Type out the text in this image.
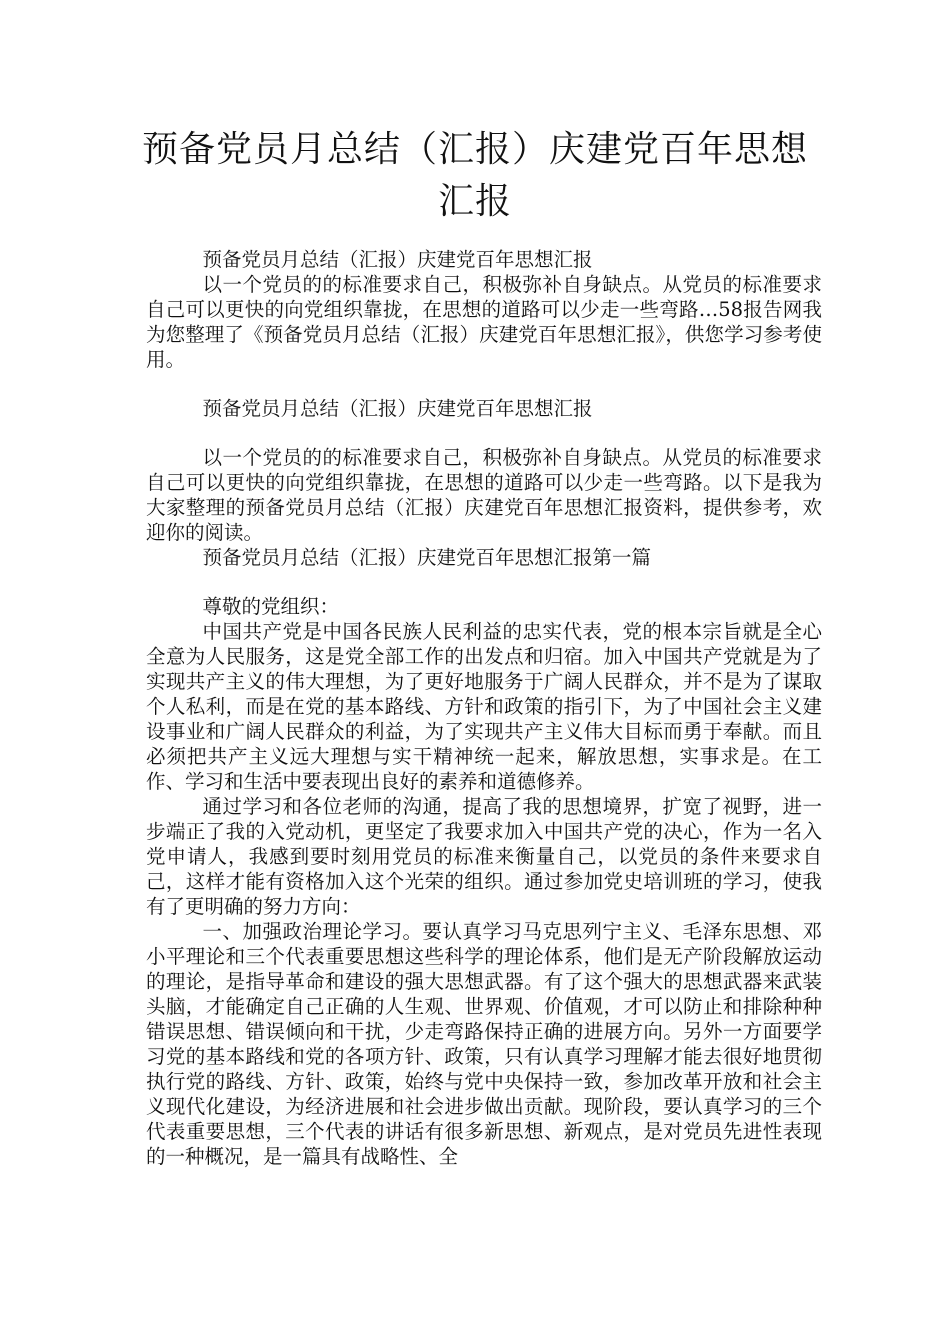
预备党员月总结（汇报）庆建党百年思想
汇报

预备党员月总结（汇报）庆建党百年思想汇报

以一个党员的的标准要求自己，积极弥补自身缺点。从党员的标准要求自己可以更快的向党组织靠拢，在思想的道路可以少走一些弯路…58报告网我为您整理了《预备党员月总结（汇报）庆建党百年思想汇报》，供您学习参考使用。

预备党员月总结（汇报）庆建党百年思想汇报

以一个党员的的标准要求自己，积极弥补自身缺点。从党员的标准要求自己可以更快的向党组织靠拢，在思想的道路可以少走一些弯路。以下是我为大家整理的预备党员月总结（汇报）庆建党百年思想汇报资料，提供参考，欢迎你的阅读。

预备党员月总结（汇报）庆建党百年思想汇报第一篇

尊敬的党组织：

中国共产党是中国各民族人民利益的忠实代表，党的根本宗旨就是全心全意为人民服务，这是党全部工作的出发点和归宿。加入中国共产党就是为了实现共产主义的伟大理想，为了更好地服务于广阔人民群众，并不是为了谋取个人私利，而是在党的基本路线、方针和政策的指引下，为了中国社会主义建设事业和广阔人民群众的利益，为了实现共产主义伟大目标而勇于奉献。而且必须把共产主义远大理想与实干精神统一起来，解放思想，实事求是。在工作、学习和生活中要表现出良好的素养和道德修养。

通过学习和各位老师的沟通，提高了我的思想境界，扩宽了视野，进一步端正了我的入党动机，更坚定了我要求加入中国共产党的决心，作为一名入党申请人，我感到要时刻用党员的标准来衡量自己，以党员的条件来要求自己，这样才能有资格加入这个光荣的组织。通过参加党史培训班的学习，使我有了更明确的努力方向：

一、加强政治理论学习。要认真学习马克思列宁主义、毛泽东思想、邓小平理论和三个代表重要思想这些科学的理论体系，他们是无产阶段解放运动的理论，是指导革命和建设的强大思想武器。有了这个强大的思想武器来武装头脑，才能确定自己正确的人生观、世界观、价值观，才可以防止和排除种种错误思想、错误倾向和干扰，少走弯路保持正确的进展方向。另外一方面要学习党的基本路线和党的各项方针、政策，只有认真学习理解才能去很好地贯彻执行党的路线、方针、政策，始终与党中央保持一致，参加改革开放和社会主义现代化建设，为经济进展和社会进步做出贡献。现阶段，要认真学习的三个代表重要思想，三个代表的讲话有很多新思想、新观点，是对党员先进性表现的一种概况，是一篇具有战略性、全
